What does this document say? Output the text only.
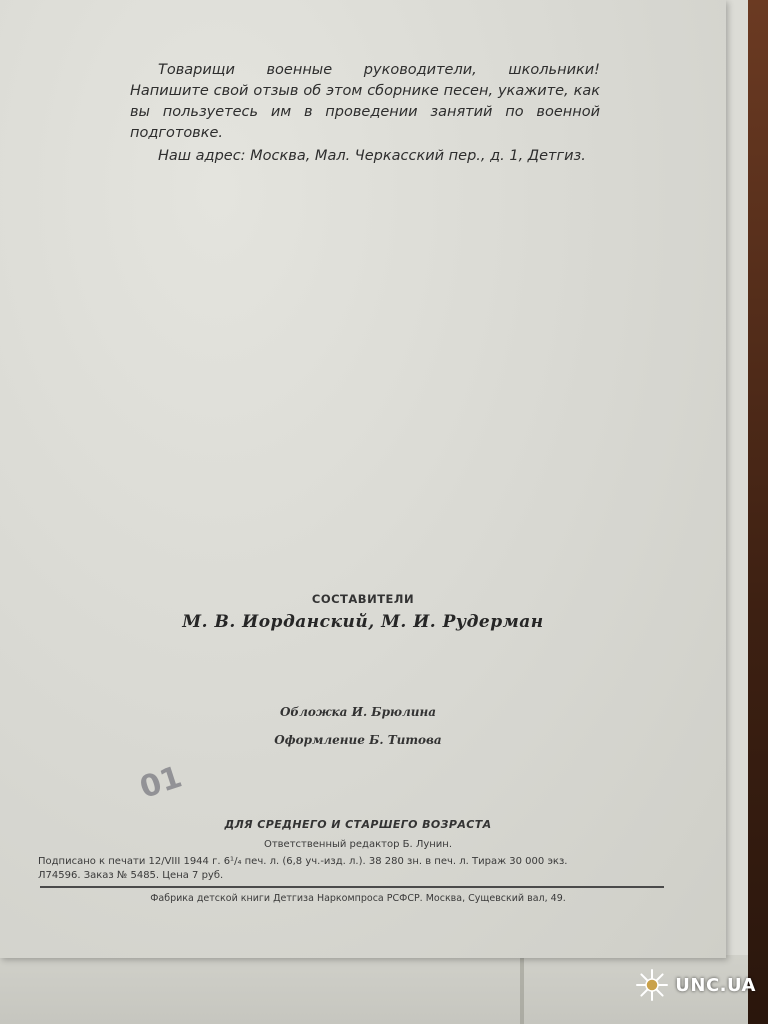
Товарищи военные руководители, школьники! Напишите свой отзыв об этом сборнике песен, укажите, как вы пользуетесь им в проведении занятий по военной подготовке.

Наш адрес: Москва, Мал. Черкасский пер., д. 1, Детгиз.

СОСТАВИТЕЛИ
М. В. Иорданский, М. И. Рудерман
Обложка И. Брюлина
Оформление Б. Титова
01
ДЛЯ СРЕДНЕГО И СТАРШЕГО ВОЗРАСТА
Ответственный редактор Б. Лунин.
Подписано к печати 12/VIII 1944 г. 6¹/₄ печ. л. (6,8 уч.-изд. л.). 38 280 зн. в печ. л. Тираж 30 000 экз.
Л74596. Заказ № 5485. Цена 7 руб.
Фабрика детской книги Детгиза Наркомпроса РСФСР. Москва, Сущевский вал, 49.
UNC.UA
